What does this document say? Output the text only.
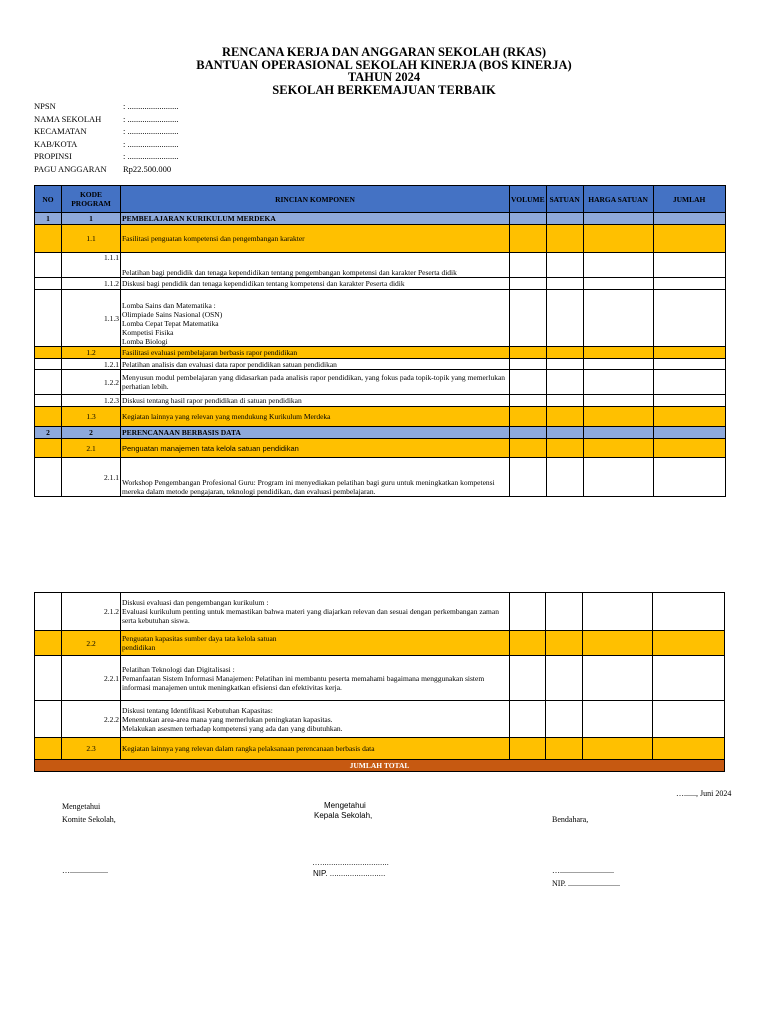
RENCANA KERJA DAN ANGGARAN SEKOLAH (RKAS)
BANTUAN OPERASIONAL SEKOLAH KINERJA (BOS KINERJA)
TAHUN 2024
SEKOLAH BERKEMAJUAN TERBAIK
NPSN	: ........................
NAMA SEKOLAH	: ........................
KECAMATAN	: ........................
KAB/KOTA	: ........................
PROPINSI	: ........................
PAGU ANGGARAN	Rp22.500.000
NO	KODE PROGRAM	RINCIAN KOMPONEN	VOLUME	SATUAN	HARGA SATUAN	JUMLAH
1	1	PEMBELAJARAN KURIKULUM MERDEKA				
	1.1	Fasilitasi penguatan kompetensi dan pengembangan karakter				
	1.1.1	Pelatihan bagi pendidik dan tenaga kependidikan tentang pengembangan kompetensi dan karakter Peserta didik				
	1.1.2	Diskusi bagi pendidik dan tenaga kependidikan tentang kompetensi dan karakter Peserta didik				
	1.1.3	Lomba Sains dan Matematika :
Olimpiade Sains Nasional (OSN)
Lomba Cepat Tepat Matematika
Kompetisi Fisika
Lomba Biologi				

	1.2	Fasilitasi evaluasi pembelajaran berbasis rapor pendidikan				
	1.2.1	Pelatihan analisis dan evaluasi data rapor pendidikan satuan pendidikan				
	1.2.2	Menyusun modul pembelajaran yang didasarkan pada analisis rapor pendidikan, yang fokus pada topik-topik yang memerlukan perhatian lebih.				
	1.2.3	Diskusi tentang hasil rapor pendidikan di satuan pendidikan				
	1.3	Kegiatan lainnya yang relevan yang mendukung Kurikulum Merdeka				
2	2	PERENCANAAN BERBASIS DATA				
	2.1	Penguatan manajemen tata kelola satuan pendidikan				
	2.1.1	Workshop Pengembangan Profesional Guru: Program ini menyediakan pelatihan bagi guru untuk meningkatkan kompetensi mereka dalam metode pengajaran, teknologi pendidikan, dan evaluasi pembelajaran.				
	2.1.2	Diskusi evaluasi dan pengembangan kurikulum :
Evaluasi kurikulum penting untuk memastikan bahwa materi yang diajarkan relevan dan sesuai dengan perkembangan zaman serta kebutuhan siswa.				

	2.2	Penguatan kapasitas sumber daya tata kelola satuan pendidikan				
	2.2.1	Pelatihan Teknologi dan Digitalisasi :
Pemanfaatan Sistem Informasi Manajemen: Pelatihan ini membantu peserta memahami bagaimana menggunakan sistem informasi manajemen untuk meningkatkan efisiensi dan efektivitas kerja.				

	2.2.2	Diskusi tentang Identifikasi Kebutuhan Kapasitas:
Menentukan area-area mana yang memerlukan peningkatan kapasitas.
Melakukan asesmen terhadap kompetensi yang ada dan yang dibutuhkan.				

	2.3	Kegiatan lainnya yang relevan dalam rangka pelaksanaan perencanaan berbasis data				
JUMLAH TOTAL						
…......, Juni 2024
Mengetahui
Komite Sekolah,
…...................
Mengetahui
Kepala Sekolah,
…...............................
NIP. .........................
Bendahara,
…...........................
NIP. ..........................
